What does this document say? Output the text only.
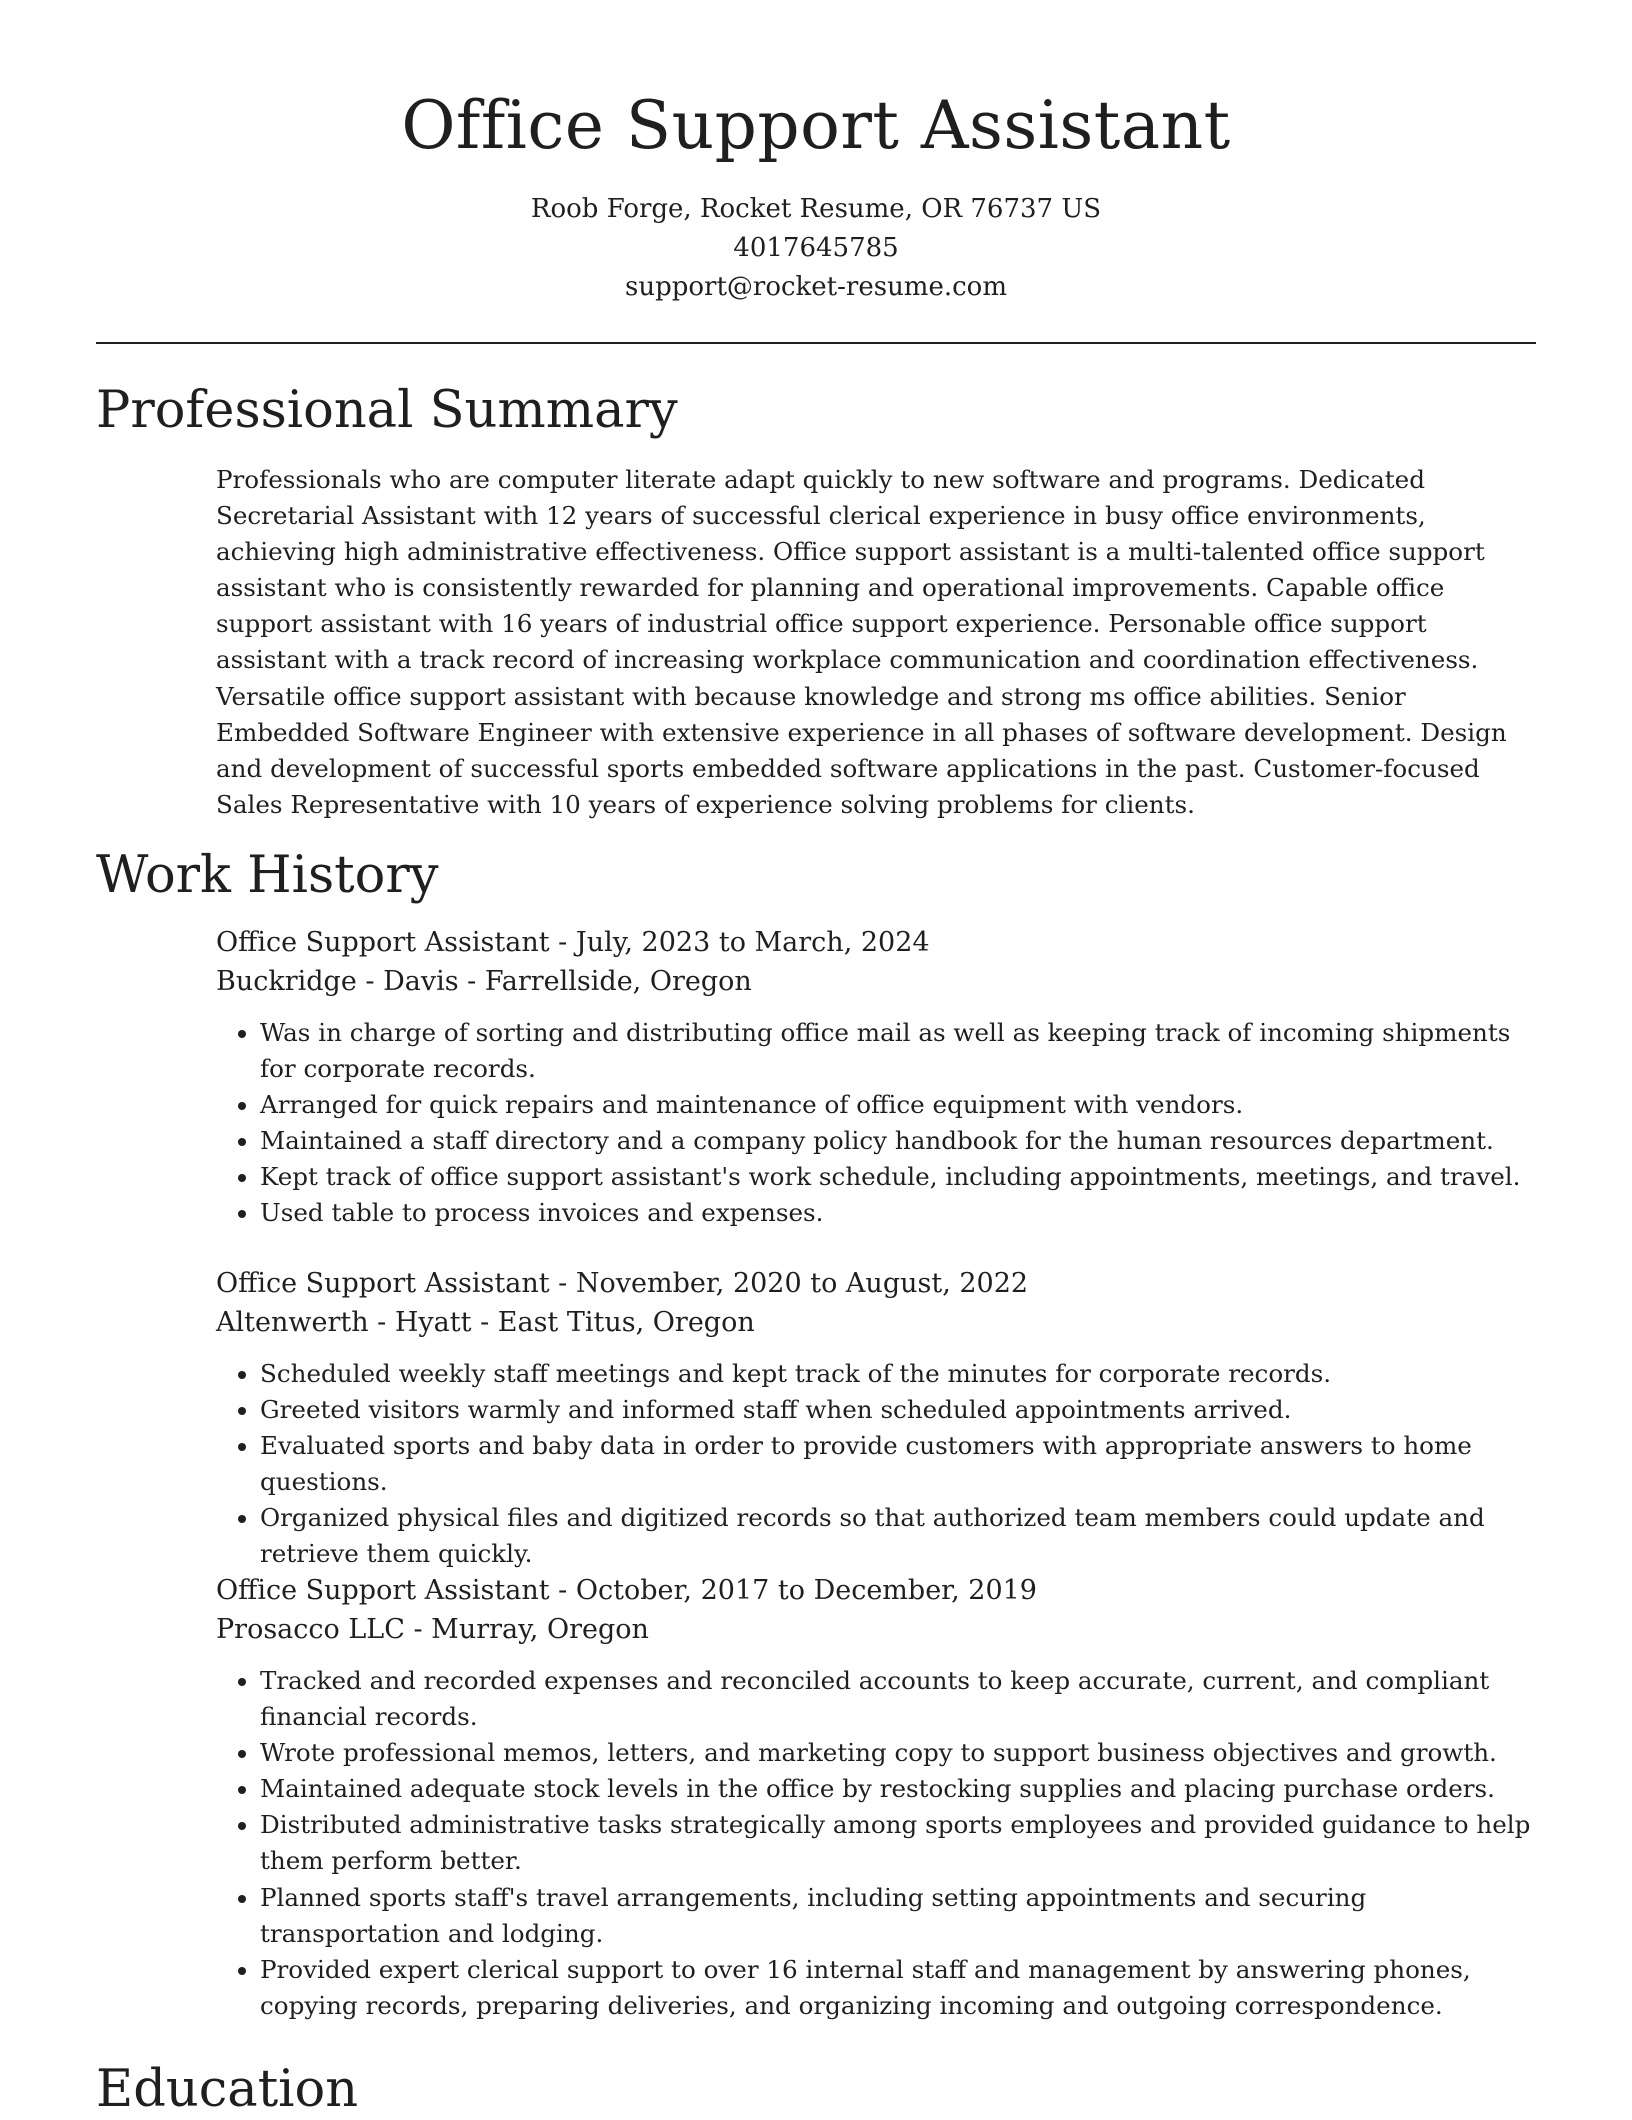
Office Support Assistant
Roob Forge, Rocket Resume, OR 76737 US
4017645785
support@rocket-resume.com
Professional Summary

Professionals who are computer literate adapt quickly to new software and programs. Dedicated Secretarial Assistant with 12 years of successful clerical experience in busy office environments, achieving high administrative effectiveness. Office support assistant is a multi-talented office support assistant who is consistently rewarded for planning and operational improvements. Capable office support assistant with 16 years of industrial office support experience. Personable office support assistant with a track record of increasing workplace communication and coordination effectiveness. Versatile office support assistant with because knowledge and strong ms office abilities. Senior Embedded Software Engineer with extensive experience in all phases of software development. Design and development of successful sports embedded software applications in the past. Customer-focused Sales Representative with 10 years of experience solving problems for clients.

Work History
Office Support Assistant - July, 2023 to March, 2024
Buckridge - Davis - Farrellside, Oregon
• Was in charge of sorting and distributing office mail as well as keeping track of incoming shipments for corporate records.
• Arranged for quick repairs and maintenance of office equipment with vendors.
• Maintained a staff directory and a company policy handbook for the human resources department.
• Kept track of office support assistant's work schedule, including appointments, meetings, and travel.
• Used table to process invoices and expenses.
Office Support Assistant - November, 2020 to August, 2022
Altenwerth - Hyatt - East Titus, Oregon
• Scheduled weekly staff meetings and kept track of the minutes for corporate records.
• Greeted visitors warmly and informed staff when scheduled appointments arrived.
• Evaluated sports and baby data in order to provide customers with appropriate answers to home questions.
• Organized physical files and digitized records so that authorized team members could update and retrieve them quickly.
Office Support Assistant - October, 2017 to December, 2019
Prosacco LLC - Murray, Oregon
• Tracked and recorded expenses and reconciled accounts to keep accurate, current, and compliant financial records.
• Wrote professional memos, letters, and marketing copy to support business objectives and growth.
• Maintained adequate stock levels in the office by restocking supplies and placing purchase orders.
• Distributed administrative tasks strategically among sports employees and provided guidance to help them perform better.
• Planned sports staff's travel arrangements, including setting appointments and securing transportation and lodging.
• Provided expert clerical support to over 16 internal staff and management by answering phones, copying records, preparing deliveries, and organizing incoming and outgoing correspondence.
Education
